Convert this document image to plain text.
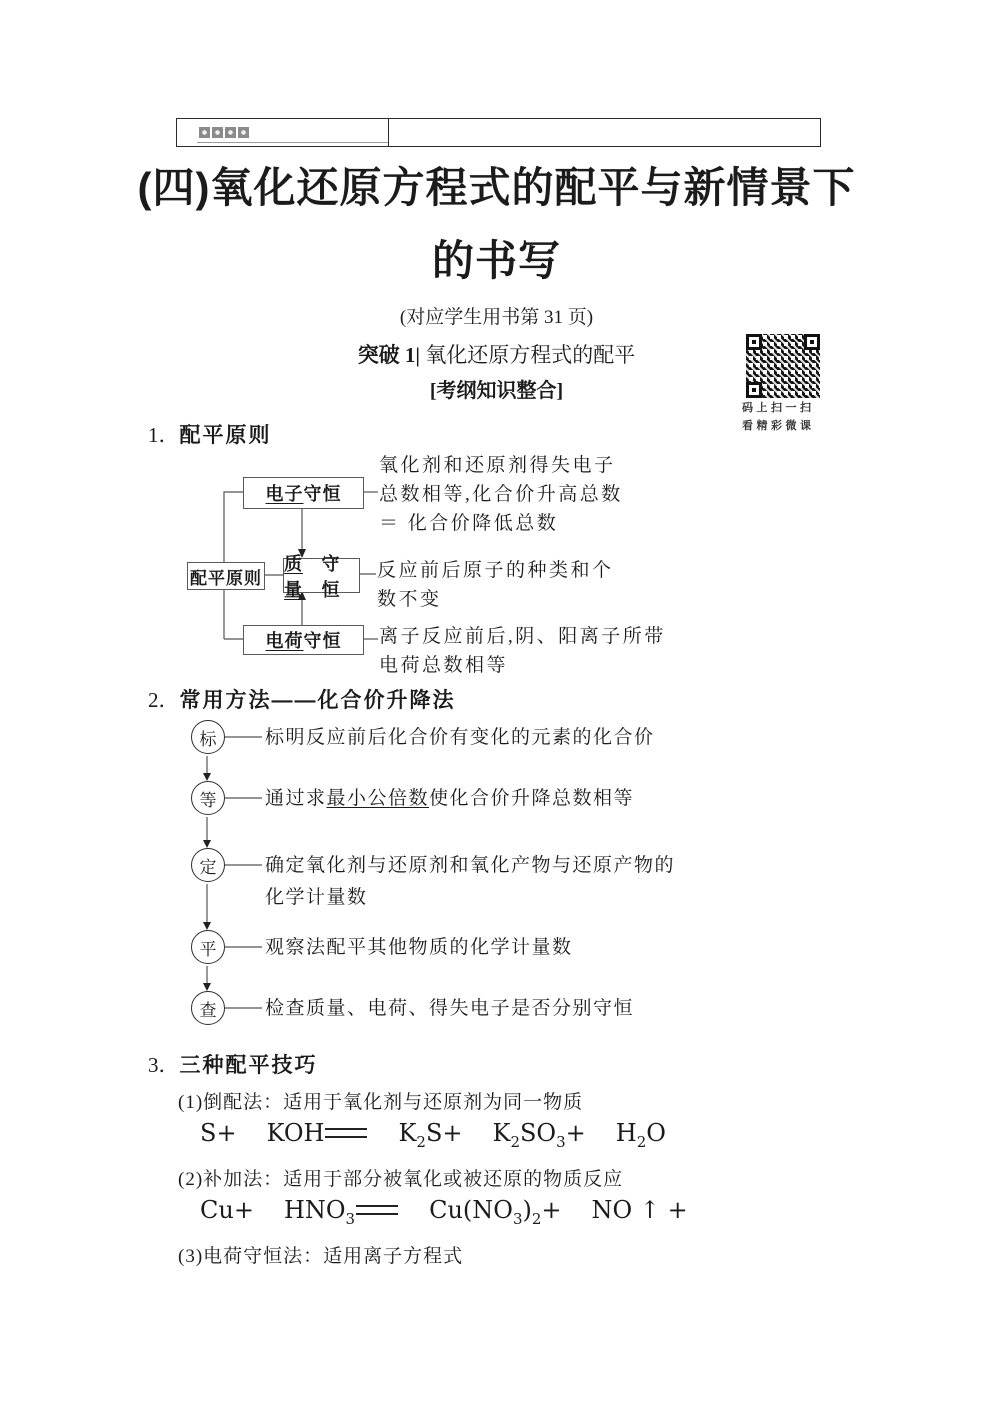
(四)氧化还原方程式的配平与新情景下
的书写
(对应学生用书第 31 页)
突破 1| 氧化还原方程式的配平
[考纲知识整合]
码上扫一扫
看精彩微课
1．配平原则
配平原则
电子 守恒
质量
守恒
电荷 守恒
氧化剂和还原剂得失电子
总数相等,化合价升高总数
＝ 化合价降低总数
反应前后原子的种类和个
数不变
离子反应前后,阴、阳离子所带
电荷总数相等
2．常用方法——化合价升降法
标
等
定
平
查
标明反应前后化合价有变化的元素的化合价
通过求最小公倍数使化合价升降总数相等
确定氧化剂与还原剂和氧化产物与还原产物的化学计量数
观察法配平其他物质的化学计量数
检查质量、电荷、得失电子是否分别守恒
3．三种配平技巧
(1)倒配法：适用于氧化剂与还原剂为同一物质
S+ KOH	$K_2S+ K_2SO_3+ H_2O$
(2)补加法：适用于部分被氧化或被还原的物质反应
$Cu+ HNO_3$	$Cu(NO_3)_2+$ NO ↑ +
(3)电荷守恒法：适用离子方程式
